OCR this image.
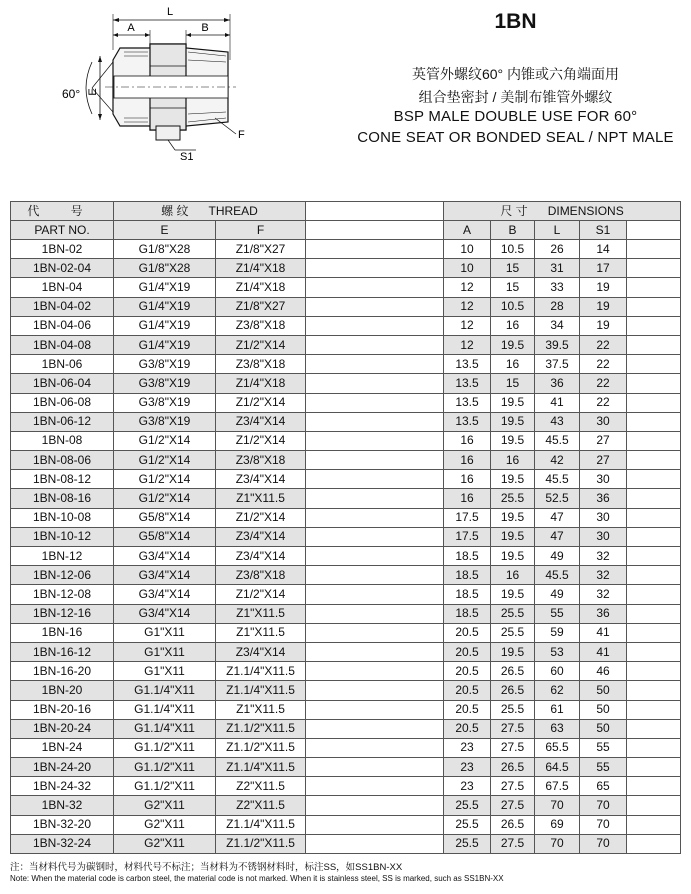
L
A	B
60° E
F
S1
1BN
英管外螺纹60° 内锥或六角端面用
组合垫密封 / 美制布锥管外螺纹
BSP MALE DOUBLE USE FOR 60°
CONE SEAT OR BONDED SEAL / NPT MALE
代 号	螺 纹 THREAD			尺 寸 DIMENSIONS				
PART NO.	E	F		A	B	L	S1	
1BN-02	G1/8"X28	Z1/8"X27		10	10.5	26	14	
1BN-02-04	G1/8"X28	Z1/4"X18		10	15	31	17	
1BN-04	G1/4"X19	Z1/4"X18		12	15	33	19	
1BN-04-02	G1/4"X19	Z1/8"X27		12	10.5	28	19	
1BN-04-06	G1/4"X19	Z3/8"X18		12	16	34	19	
1BN-04-08	G1/4"X19	Z1/2"X14		12	19.5	39.5	22	
1BN-06	G3/8"X19	Z3/8"X18		13.5	16	37.5	22	
1BN-06-04	G3/8"X19	Z1/4"X18		13.5	15	36	22	
1BN-06-08	G3/8"X19	Z1/2"X14		13.5	19.5	41	22	
1BN-06-12	G3/8"X19	Z3/4"X14		13.5	19.5	43	30	
1BN-08	G1/2"X14	Z1/2"X14		16	19.5	45.5	27	
1BN-08-06	G1/2"X14	Z3/8"X18		16	16	42	27	
1BN-08-12	G1/2"X14	Z3/4"X14		16	19.5	45.5	30	
1BN-08-16	G1/2"X14	Z1"X11.5		16	25.5	52.5	36	
1BN-10-08	G5/8"X14	Z1/2"X14		17.5	19.5	47	30	
1BN-10-12	G5/8"X14	Z3/4"X14		17.5	19.5	47	30	
1BN-12	G3/4"X14	Z3/4"X14		18.5	19.5	49	32	
1BN-12-06	G3/4"X14	Z3/8"X18		18.5	16	45.5	32	
1BN-12-08	G3/4"X14	Z1/2"X14		18.5	19.5	49	32	
1BN-12-16	G3/4"X14	Z1"X11.5		18.5	25.5	55	36	
1BN-16	G1"X11	Z1"X11.5		20.5	25.5	59	41	
1BN-16-12	G1"X11	Z3/4"X14		20.5	19.5	53	41	
1BN-16-20	G1"X11	Z1.1/4"X11.5		20.5	26.5	60	46	
1BN-20	G1.1/4"X11	Z1.1/4"X11.5		20.5	26.5	62	50	
1BN-20-16	G1.1/4"X11	Z1"X11.5		20.5	25.5	61	50	
1BN-20-24	G1.1/4"X11	Z1.1/2"X11.5		20.5	27.5	63	50	
1BN-24	G1.1/2"X11	Z1.1/2"X11.5		23	27.5	65.5	55	
1BN-24-20	G1.1/2"X11	Z1.1/4"X11.5		23	26.5	64.5	55	
1BN-24-32	G1.1/2"X11	Z2"X11.5		23	27.5	67.5	65	
1BN-32	G2"X11	Z2"X11.5		25.5	27.5	70	70	
1BN-32-20	G2"X11	Z1.1/4"X11.5		25.5	26.5	69	70	
1BN-32-24	G2"X11	Z1.1/2"X11.5		25.5	27.5	70	70	
注：当材料代号为碳钢时，材料代号不标注；当材料为不锈钢材料时，标注SS，如SS1BN-XX
Note: When the material code is carbon steel, the material code is not marked. When it is stainless steel, SS is marked, such as SS1BN-XX
